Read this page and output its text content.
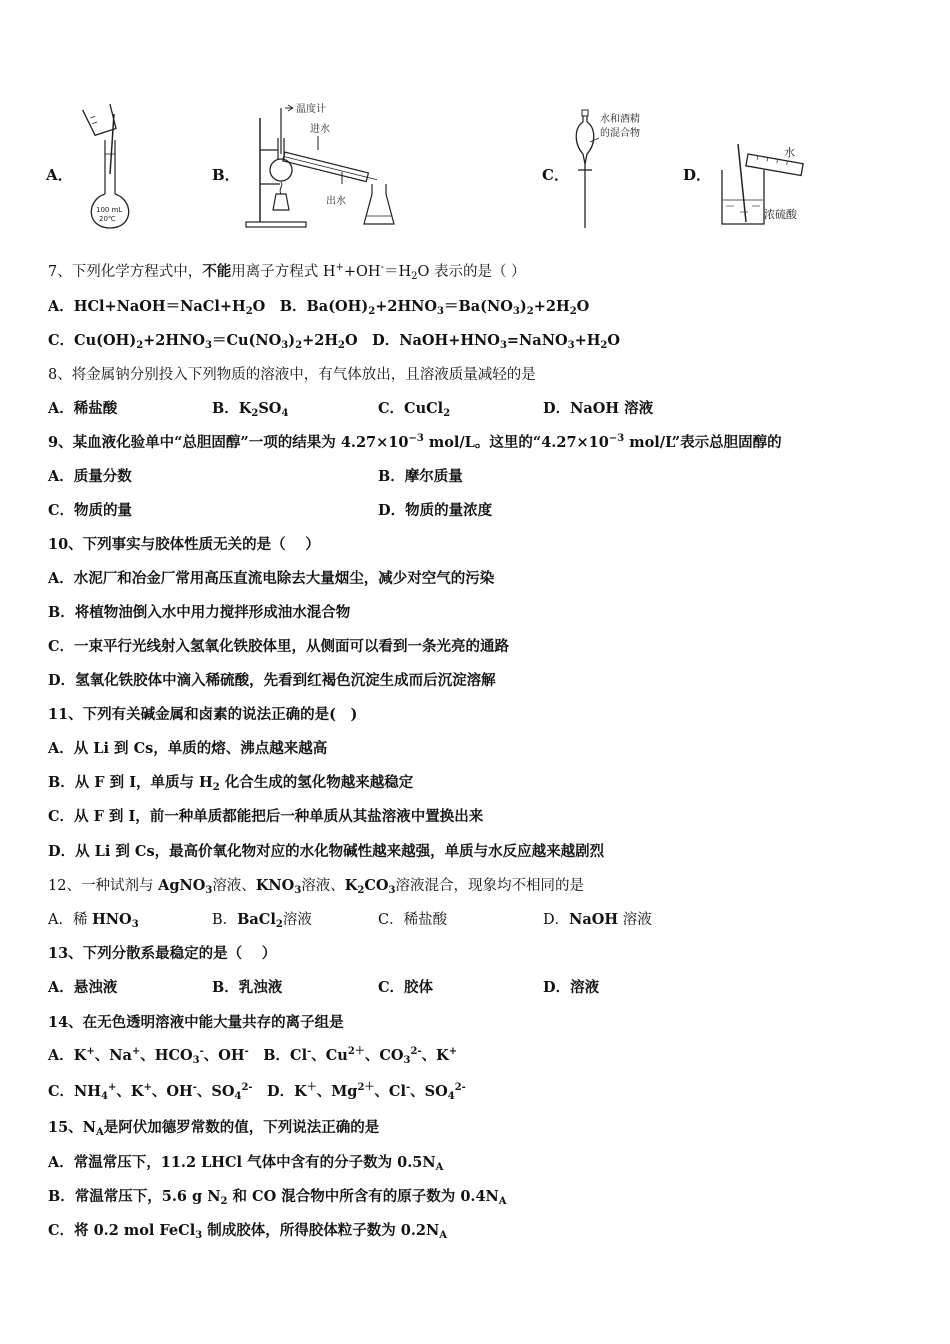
A．
100 mL
20℃
B．
温度计
进水
出水
C．
水和酒精
的混合物
D．
水
浓硫酸
7、下列化学方程式中，不能用离子方程式 $H^++OH^-=H_2O$ 表示的是（ ）
A．$HCl+NaOH=NaCl+H_2O$　B．$Ba(OH)_2+2HNO_3=Ba(NO_3)_2+2H_2O$
C．$Cu(OH)_2+2HNO_3=Cu(NO_3)_2+2H_2O$　D．$NaOH+HNO_3=NaNO_3+H_2O$
8、将金属钠分别投入下列物质的溶液中，有气体放出，且溶液质量减轻的是
A．稀盐酸	B．$K_2SO_4$	C．CuCl$_2$	D．NaOH 溶液
9、某血液化验单中“总胆固醇”一项的结果为 $4.27\times 10^{-3}$ mol/L。这里的“$4.27\times 10^{-3}$ mol/L”表示总胆固醇的
A．质量分数	B．摩尔质量
C．物质的量	D．物质的量浓度
10、下列事实与胶体性质无关的是（　 ）
A．水泥厂和冶金厂常用高压直流电除去大量烟尘，减少对空气的污染
B．将植物油倒入水中用力搅拌形成油水混合物
C．一束平行光线射入氢氧化铁胶体里，从侧面可以看到一条光亮的通路
D．氢氧化铁胶体中滴入稀硫酸，先看到红褐色沉淀生成而后沉淀溶解
11、下列有关碱金属和卤素的说法正确的是(　)
A．从 Li 到 Cs，单质的熔、沸点越来越高
B．从 F 到 I，单质与 $H_2$ 化合生成的氢化物越来越稳定
C．从 F 到 I，前一种单质都能把后一种单质从其盐溶液中置换出来
D．从 Li 到 Cs，最高价氧化物对应的水化物碱性越来越强，单质与水反应越来越剧烈
12、一种试剂与 AgNO$_3$溶液、$KNO_3$溶液、$K_2CO_3$溶液混合，现象均不相同的是
A．稀 $HNO_3$	B．BaCl$_2$溶液	C．稀盐酸	D．NaOH 溶液
13、下列分散系最稳定的是（　 ）
A．悬浊液	B．乳浊液	C．胶体	D．溶液
14、在无色透明溶液中能大量共存的离子组是
A．K+、Na+、$HCO_3^-$、OH-　B．Cl-、$Cu^{2+}$、$CO_3^{2-}$、K+
C．$NH_4^+$、K+、OH-、$SO_4^{2-}$　D．K＋、$Mg^{2+}$、Cl-、$SO_4^{2-}$
15、$N_A$是阿伏加德罗常数的值，下列说法正确的是
A．常温常压下，11.2 LHCl 气体中含有的分子数为 $0.5N_A$
B．常温常压下，5.6 g $N_2$ 和 CO 混合物中所含有的原子数为 $0.4N_A$
C．将 0.2 mol FeCl$_3$ 制成胶体，所得胶体粒子数为 $0.2N_A$
